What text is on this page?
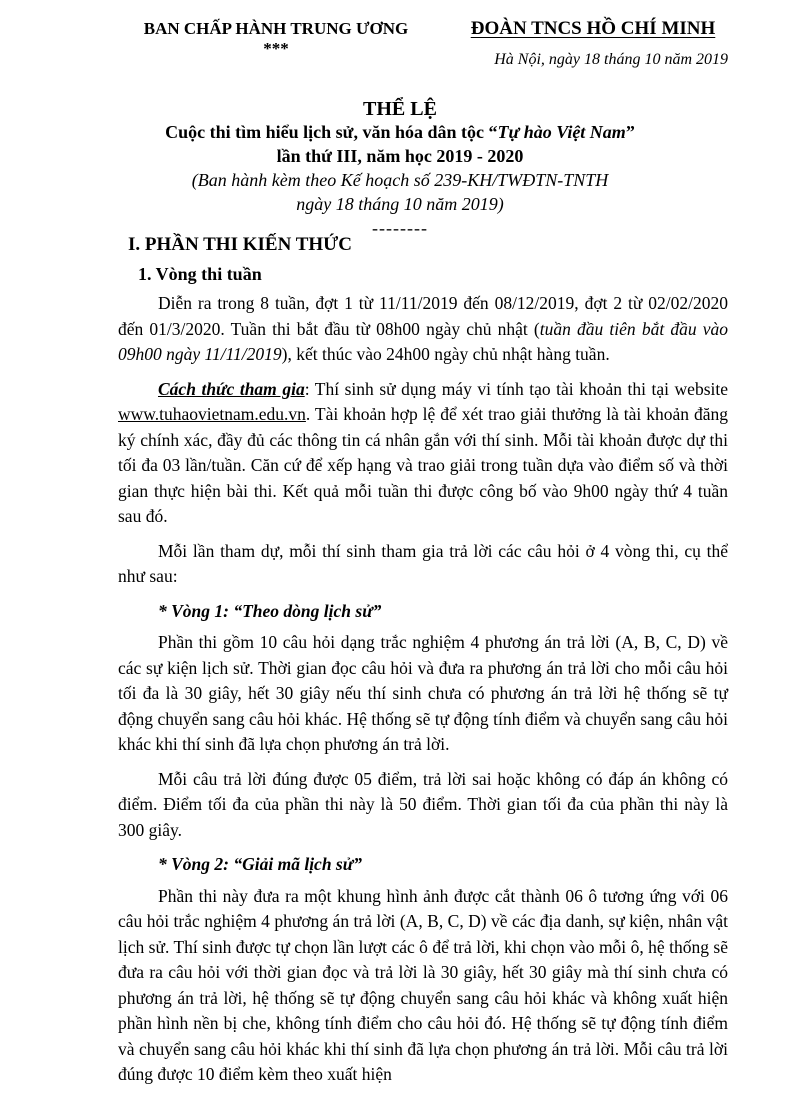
BAN CHẤP HÀNH TRUNG ƯƠNG
***
ĐOÀN TNCS HỒ CHÍ MINH
Hà Nội, ngày 18 tháng 10 năm 2019
THỂ LỆ
Cuộc thi tìm hiểu lịch sử, văn hóa dân tộc “Tự hào Việt Nam”
lần thứ III, năm học 2019 - 2020
(Ban hành kèm theo Kế hoạch số 239-KH/TWĐTN-TNTH
ngày 18 tháng 10 năm 2019)
--------

I. PHẦN THI KIẾN THỨC

1. Vòng thi tuần

Diễn ra trong 8 tuần, đợt 1 từ 11/11/2019 đến 08/12/2019, đợt 2 từ 02/02/2020 đến 01/3/2020. Tuần thi bắt đầu từ 08h00 ngày chủ nhật (tuần đầu tiên bắt đầu vào 09h00 ngày 11/11/2019), kết thúc vào 24h00 ngày chủ nhật hàng tuần.

Cách thức tham gia: Thí sinh sử dụng máy vi tính tạo tài khoản thi tại website www.tuhaovietnam.edu.vn. Tài khoản hợp lệ để xét trao giải thưởng là tài khoản đăng ký chính xác, đầy đủ các thông tin cá nhân gắn với thí sinh. Mỗi tài khoản được dự thi tối đa 03 lần/tuần. Căn cứ để xếp hạng và trao giải trong tuần dựa vào điểm số và thời gian thực hiện bài thi. Kết quả mỗi tuần thi được công bố vào 9h00 ngày thứ 4 tuần sau đó.

Mỗi lần tham dự, mỗi thí sinh tham gia trả lời các câu hỏi ở 4 vòng thi, cụ thể như sau:

* Vòng 1: “Theo dòng lịch sử”

Phần thi gồm 10 câu hỏi dạng trắc nghiệm 4 phương án trả lời (A, B, C, D) về các sự kiện lịch sử. Thời gian đọc câu hỏi và đưa ra phương án trả lời cho mỗi câu hỏi tối đa là 30 giây, hết 30 giây nếu thí sinh chưa có phương án trả lời hệ thống sẽ tự động chuyển sang câu hỏi khác. Hệ thống sẽ tự động tính điểm và chuyển sang câu hỏi khác khi thí sinh đã lựa chọn phương án trả lời.

Mỗi câu trả lời đúng được 05 điểm, trả lời sai hoặc không có đáp án không có điểm. Điểm tối đa của phần thi này là 50 điểm. Thời gian tối đa của phần thi này là 300 giây.

* Vòng 2: “Giải mã lịch sử”

Phần thi này đưa ra một khung hình ảnh được cắt thành 06 ô tương ứng với 06 câu hỏi trắc nghiệm 4 phương án trả lời (A, B, C, D) về các địa danh, sự kiện, nhân vật lịch sử. Thí sinh được tự chọn lần lượt các ô để trả lời, khi chọn vào mỗi ô, hệ thống sẽ đưa ra câu hỏi với thời gian đọc và trả lời là 30 giây, hết 30 giây mà thí sinh chưa có phương án trả lời, hệ thống sẽ tự động chuyển sang câu hỏi khác và không xuất hiện phần hình nền bị che, không tính điểm cho câu hỏi đó. Hệ thống sẽ tự động tính điểm và chuyển sang câu hỏi khác khi thí sinh đã lựa chọn phương án trả lời. Mỗi câu trả lời đúng được 10 điểm kèm theo xuất hiện
